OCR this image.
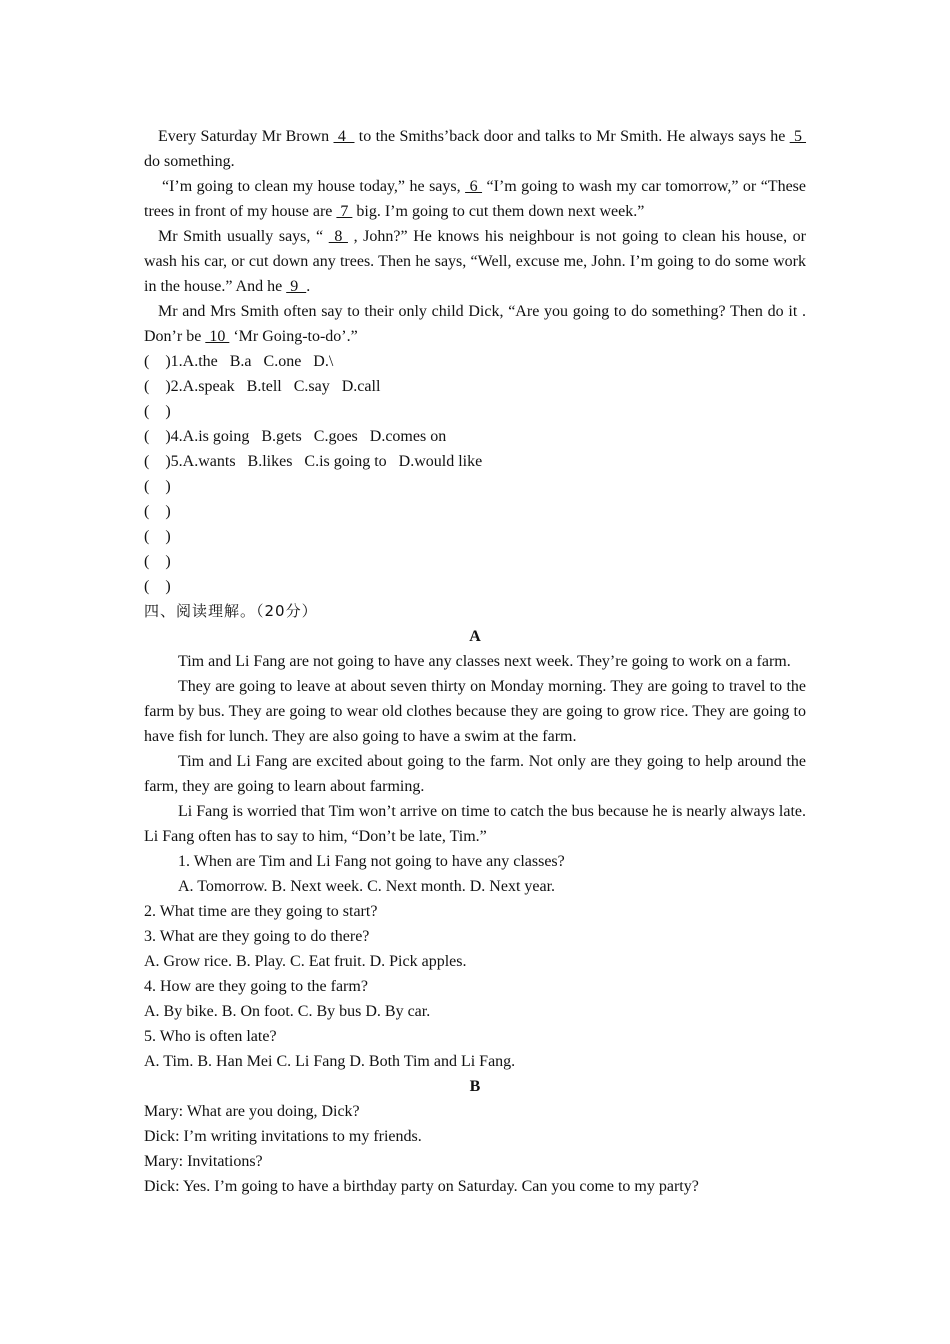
Every Saturday Mr Brown  4   to the Smiths’back door and talks to Mr Smith. He always says he  5  do something.

“I’m going to clean my house today,” he says,  6  “I’m going to wash my car tomorrow,” or “These trees in front of my house are  7  big. I’m going to cut them down next week.”

Mr Smith usually says, “  8  , John?” He knows his neighbour is not going to clean his house, or wash his car, or cut down any trees. Then he says, “Well, excuse me, John. I’m going to do some work in the house.” And he  9  .

Mr and Mrs Smith often say to their only child Dick, “Are you going to do something? Then do it . Don’r be  10  ‘Mr Going-to-do’.”

(    )1.A.the   B.a   C.one   D.\

(    )2.A.speak   B.tell   C.say   D.call

(    )

(    )4.A.is going   B.gets   C.goes   D.comes on

(    )5.A.wants   B.likes   C.is going to   D.would like

(    )

(    )

(    )

(    )

(    )

四、阅读理解。（20分）

A

Tim and Li Fang are not going to have any classes next week. They’re going to work on a farm.

They are going to leave at about seven thirty on Monday morning. They are going to travel to the farm by bus. They are going to wear old clothes because they are going to grow rice. They are going to have fish for lunch. They are also going to have a swim at the farm.

Tim and Li Fang are excited about going to the farm. Not only are they going to help around the farm, they are going to learn about farming.

Li Fang is worried that Tim won’t arrive on time to catch the bus because he is nearly always late. Li Fang often has to say to him, “Don’t be late, Tim.”

1. When are Tim and Li Fang not going to have any classes?

A. Tomorrow. B. Next week. C. Next month. D. Next year.

2. What time are they going to start?

3. What are they going to do there?

A. Grow rice. B. Play. C. Eat fruit. D. Pick apples.

4. How are they going to the farm?

A. By bike. B. On foot. C. By bus D. By car.

5. Who is often late?

A. Tim. B. Han Mei C. Li Fang D. Both Tim and Li Fang.

B

Mary: What are you doing, Dick?

Dick: I’m writing invitations to my friends.

Mary: Invitations?

Dick: Yes. I’m going to have a birthday party on Saturday. Can you come to my party?
